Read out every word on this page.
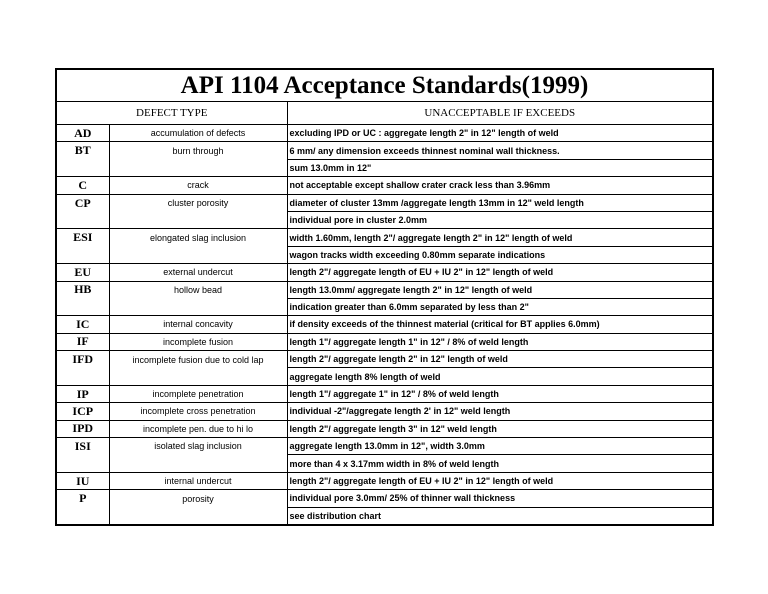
API 1104 Acceptance Standards(1999)
DEFECT TYPE		UNACCEPTABLE IF EXCEEDS
AD	accumulation of defects	excluding IPD or UC : aggregate length 2" in 12" length of weld
BT	burn through	6 mm/ any dimension exceeds thinnest nominal wall thickness.
		sum 13.0mm in 12"
C	crack	not acceptable except shallow crater crack less than 3.96mm
CP	cluster porosity	diameter of cluster 13mm /aggregate length 13mm in 12" weld length
		individual pore in cluster 2.0mm
ESI	elongated slag inclusion	width 1.60mm, length 2"/ aggregate length 2" in 12" length of weld
		wagon tracks width exceeding 0.80mm separate indications
EU	external undercut	length 2"/ aggregate length of EU + IU 2" in 12" length of weld
HB	hollow bead	length 13.0mm/ aggregate length 2" in 12" length of weld
		indication greater than 6.0mm separated by less than 2"
IC	internal concavity	if density exceeds of the thinnest material (critical for BT applies 6.0mm)
IF	incomplete fusion	length 1"/ aggregate length 1" in 12" / 8% of weld length
IFD	incomplete fusion due to cold lap	length 2"/ aggregate length 2" in 12" length of weld
		aggregate length 8% length of weld
IP	incomplete penetration	length 1"/ aggregate 1" in 12" / 8% of weld length
ICP	incomplete cross penetration	individual -2"/aggregate length 2' in 12" weld length
IPD	incomplete pen. due to hi lo	length 2"/ aggregate length 3" in 12" weld length
ISI	isolated slag inclusion	aggregate length 13.0mm in 12", width 3.0mm
		more than 4 x 3.17mm width in 8% of weld length
IU	internal undercut	length 2"/ aggregate length of EU + IU 2" in 12" length of weld
P	porosity	individual pore 3.0mm/ 25% of thinner wall thickness
		see distribution chart
